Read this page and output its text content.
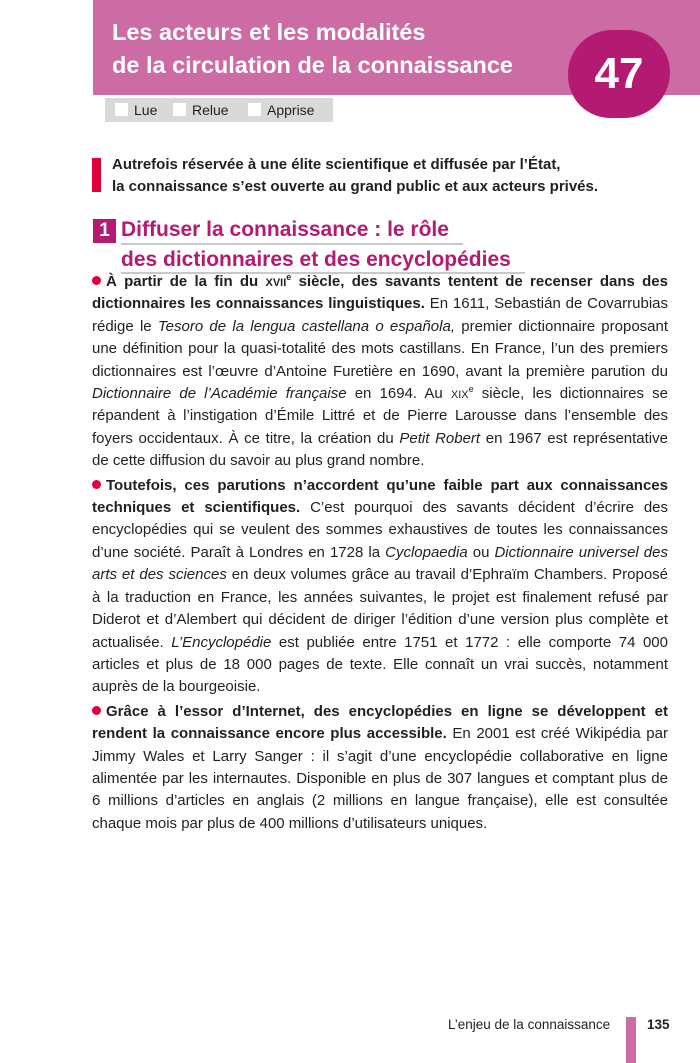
Les acteurs et les modalités
de la circulation de la connaissance	47
Lue	Relue	Apprise
Autrefois réservée à une élite scientifique et diffusée par l’État,
la connaissance s’est ouverte au grand public et aux acteurs privés.
1 Diffuser la connaissance : le rôle
des dictionnaires et des encyclopédies

À partir de la fin du xvii$^e$ siècle, des savants tentent de recenser dans des dictionnaires les connaissances linguistiques. En 1611, Sebastián de Covarrubias rédige le Tesoro de la lengua castellana o española, premier dictionnaire proposant une définition pour la quasi-totalité des mots castillans. En France, l’un des premiers dictionnaires est l’œuvre d’Antoine Furetière en 1690, avant la première parution du Dictionnaire de l’Académie française en 1694. Au xix$^e$ siècle, les dictionnaires se répandent à l’instigation d’Émile Littré et de Pierre Larousse dans l’ensemble des foyers occidentaux. À ce titre, la création du Petit Robert en 1967 est représentative de cette diffusion du savoir au plus grand nombre.

Toutefois, ces parutions n’accordent qu’une faible part aux connaissances techniques et scientifiques. C’est pourquoi des savants décident d’écrire des encyclopédies qui se veulent des sommes exhaustives de toutes les connaissances d’une société. Paraît à Londres en 1728 la Cyclopaedia ou Dictionnaire universel des arts et des sciences en deux volumes grâce au travail d’Ephraïm Chambers. Proposé à la traduction en France, les années suivantes, le projet est finalement refusé par Diderot et d’Alembert qui décident de diriger l’édition d’une version plus complète et actualisée. L’Encyclopédie est publiée entre 1751 et 1772 : elle comporte 74 000 articles et plus de 18 000 pages de texte. Elle connaît un vrai succès, notamment auprès de la bourgeoisie.

Grâce à l’essor d’Internet, des encyclopédies en ligne se développent et rendent la connaissance encore plus accessible. En 2001 est créé Wikipédia par Jimmy Wales et Larry Sanger : il s’agit d’une encyclopédie collaborative en ligne alimentée par les internautes. Disponible en plus de 307 langues et comptant plus de 6 millions d’articles en anglais (2 millions en langue française), elle est consultée chaque mois par plus de 400 millions d’utilisateurs uniques.

L’enjeu de la connaissance	135
